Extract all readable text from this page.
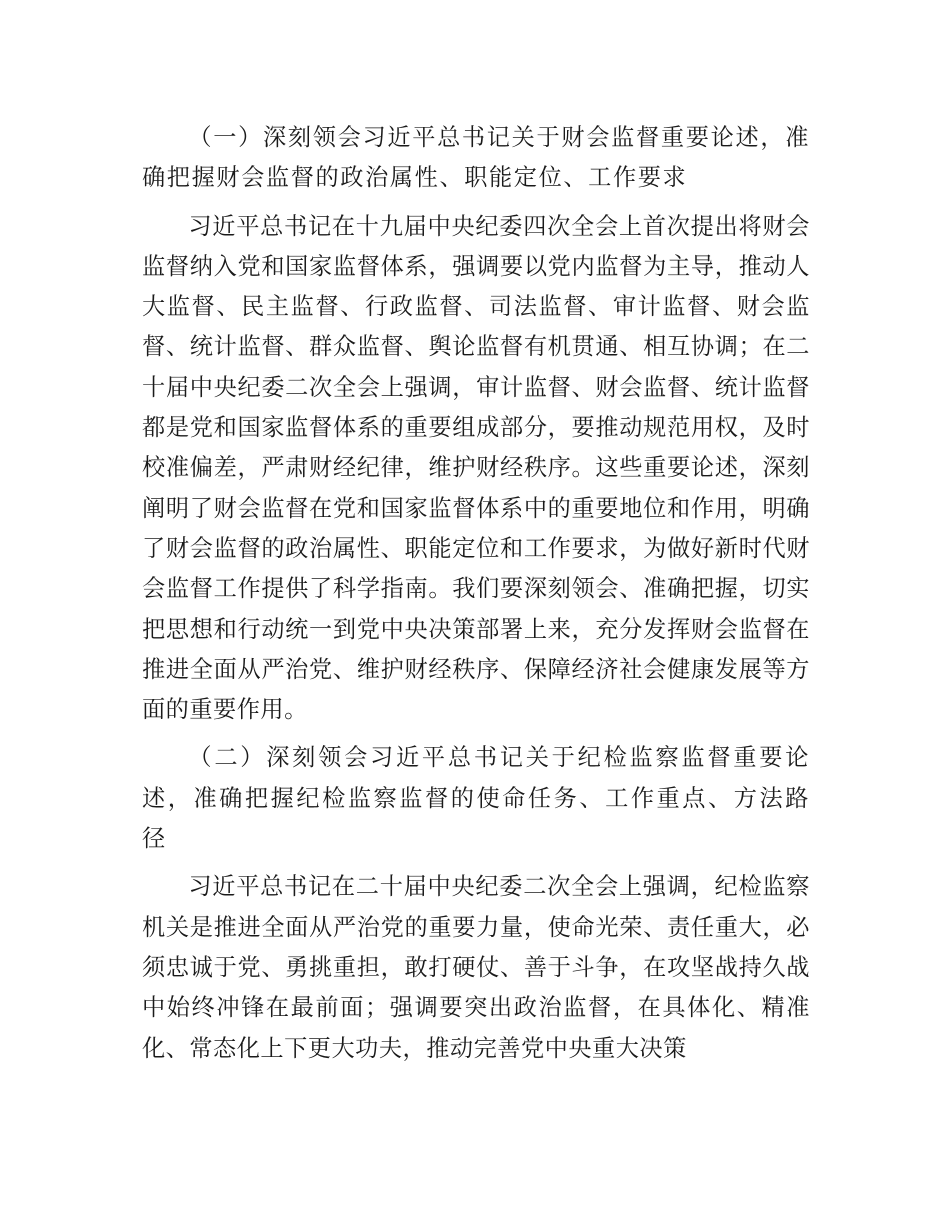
（一）深刻领会习近平总书记关于财会监督重要论述，准确把握财会监督的政治属性、职能定位、工作要求

习近平总书记在十九届中央纪委四次全会上首次提出将财会监督纳入党和国家监督体系，强调要以党内监督为主导，推动人大监督、民主监督、行政监督、司法监督、审计监督、财会监督、统计监督、群众监督、舆论监督有机贯通、相互协调；在二十届中央纪委二次全会上强调，审计监督、财会监督、统计监督都是党和国家监督体系的重要组成部分，要推动规范用权，及时校准偏差，严肃财经纪律，维护财经秩序。这些重要论述，深刻阐明了财会监督在党和国家监督体系中的重要地位和作用，明确了财会监督的政治属性、职能定位和工作要求，为做好新时代财会监督工作提供了科学指南。我们要深刻领会、准确把握，切实把思想和行动统一到党中央决策部署上来，充分发挥财会监督在推进全面从严治党、维护财经秩序、保障经济社会健康发展等方面的重要作用。

（二）深刻领会习近平总书记关于纪检监察监督重要论述，准确把握纪检监察监督的使命任务、工作重点、方法路径

习近平总书记在二十届中央纪委二次全会上强调，纪检监察机关是推进全面从严治党的重要力量，使命光荣、责任重大，必须忠诚于党、勇挑重担，敢打硬仗、善于斗争，在攻坚战持久战中始终冲锋在最前面；强调要突出政治监督，在具体化、精准化、常态化上下更大功夫，推动完善党中央重大决策
